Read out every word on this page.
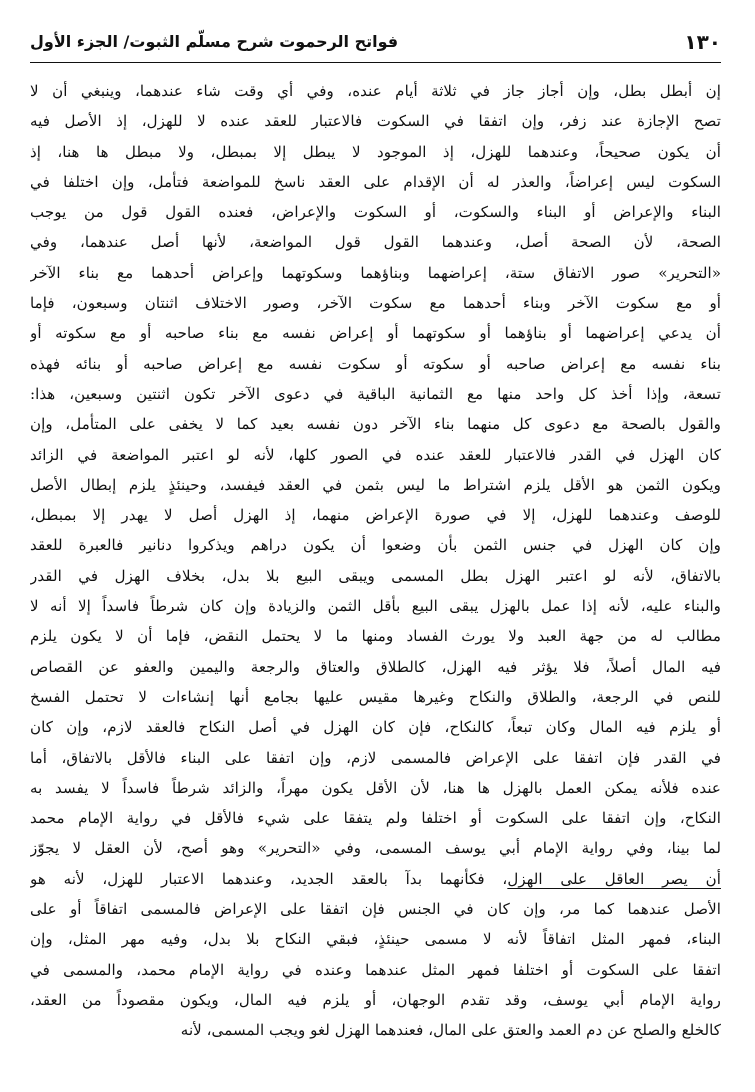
١٣٠
فواتح الرحموت شرح مسلّم الثبوت/ الجزء الأول
إن أبطل بطل، وإن أجاز جاز في ثلاثة أيام عنده، وفي أي وقت شاء عندهما، وينبغي أن لا
تصح الإجازة عند زفر، وإن اتفقا في السكوت فالاعتبار للعقد عنده لا للهزل، إذ الأصل فيه
أن يكون صحيحاً، وعندهما للهزل، إذ الموجود لا يبطل إلا بمبطل، ولا مبطل ها هنا، إذ
السكوت ليس إعراضاً، والعذر له أن الإقدام على العقد ناسخ للمواضعة فتأمل، وإن اختلفا في
البناء والإعراض أو البناء والسكوت، أو السكوت والإعراض، فعنده القول قول من يوجب
الصحة، لأن الصحة أصل، وعندهما القول قول المواضعة، لأنها أصل عندهما، وفي
«التحرير» صور الاتفاق ستة، إعراضهما وبناؤهما وسكوتهما وإعراض أحدهما مع بناء الآخر
أو مع سكوت الآخر وبناء أحدهما مع سكوت الآخر، وصور الاختلاف اثنتان وسبعون، فإما
أن يدعي إعراضهما أو بناؤهما أو سكوتهما أو إعراض نفسه مع بناء صاحبه أو مع سكوته أو
بناء نفسه مع إعراض صاحبه أو سكوته أو سكوت نفسه مع إعراض صاحبه أو بنائه فهذه
تسعة، وإذا أخذ كل واحد منها مع الثمانية الباقية في دعوى الآخر تكون اثنتين وسبعين، هذا:
والقول بالصحة مع دعوى كل منهما بناء الآخر دون نفسه بعيد كما لا يخفى على المتأمل، وإن
كان الهزل في القدر فالاعتبار للعقد عنده في الصور كلها، لأنه لو اعتبر المواضعة في الزائد
ويكون الثمن هو الأقل يلزم اشتراط ما ليس بثمن في العقد فيفسد، وحينئذٍ يلزم إبطال الأصل
للوصف وعندهما للهزل، إلا في صورة الإعراض منهما، إذ الهزل أصل لا يهدر إلا بمبطل،
وإن كان الهزل في جنس الثمن بأن وضعوا أن يكون دراهم ويذكروا دنانير فالعبرة للعقد
بالاتفاق، لأنه لو اعتبر الهزل بطل المسمى ويبقى البيع بلا بدل، بخلاف الهزل في القدر
والبناء عليه، لأنه إذا عمل بالهزل يبقى البيع بأقل الثمن والزيادة وإن كان شرطاً فاسداً إلا أنه لا
مطالب له من جهة العبد ولا يورث الفساد ومنها ما لا يحتمل النقض، فإما أن لا يكون يلزم
فيه المال أصلاً، فلا يؤثر فيه الهزل، كالطلاق والعتاق والرجعة واليمين والعفو عن القصاص
للنص في الرجعة، والطلاق والنكاح وغيرها مقيس عليها بجامع أنها إنشاءات لا تحتمل الفسخ
أو يلزم فيه المال وكان تبعاً، كالنكاح، فإن كان الهزل في أصل النكاح فالعقد لازم، وإن كان
في القدر فإن اتفقا على الإعراض فالمسمى لازم، وإن اتفقا على البناء فالأقل بالاتفاق، أما
عنده فلأنه يمكن العمل بالهزل ها هنا، لأن الأقل يكون مهراً، والزائد شرطاً فاسداً لا يفسد به
النكاح، وإن اتفقا على السكوت أو اختلفا ولم يتفقا على شيء فالأقل في رواية الإمام محمد
لما بينا، وفي رواية الإمام أبي يوسف المسمى، وفي «التحرير» وهو أصح، لأن العقل لا يجوّز
أن يصر العاقل على الهزل، فكأنهما بدآ بالعقد الجديد، وعندهما الاعتبار للهزل، لأنه هو
الأصل عندهما كما مر، وإن كان في الجنس فإن اتفقا على الإعراض فالمسمى اتفاقاً أو على
البناء، فمهر المثل اتفاقاً لأنه لا مسمى حينئذٍ، فبقي النكاح بلا بدل، وفيه مهر المثل، وإن
اتفقا على السكوت أو اختلفا فمهر المثل عندهما وعنده في رواية الإمام محمد، والمسمى في
رواية الإمام أبي يوسف، وقد تقدم الوجهان، أو يلزم فيه المال، ويكون مقصوداً من العقد،
كالخلع والصلح عن دم العمد والعتق على المال، فعندهما الهزل لغو ويجب المسمى، لأنه
